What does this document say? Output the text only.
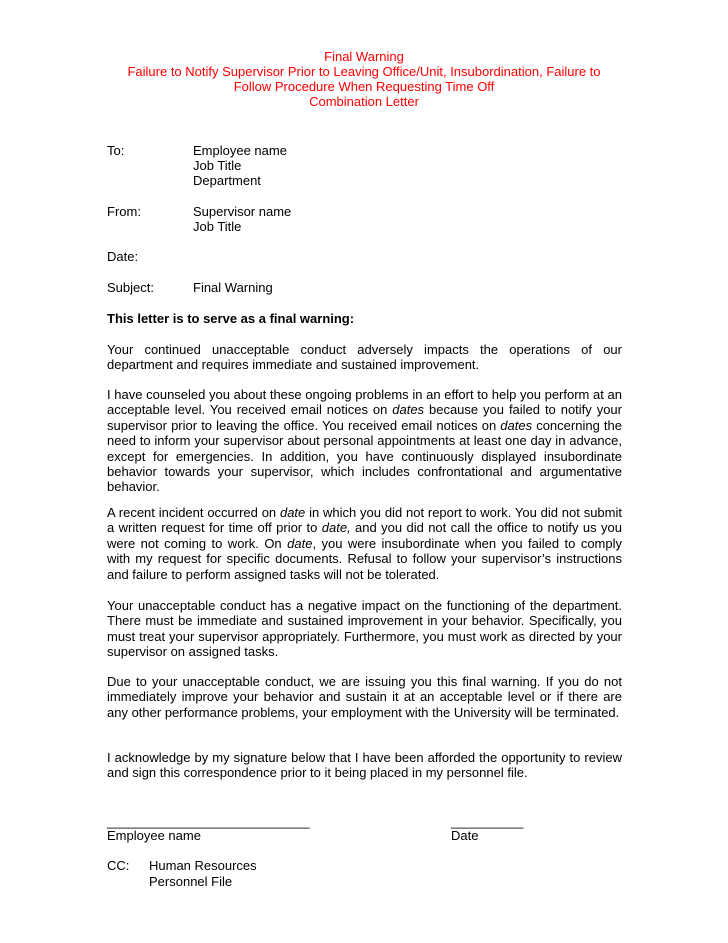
Final Warning
Failure to Notify Supervisor Prior to Leaving Office/Unit, Insubordination, Failure to
Follow Procedure When Requesting Time Off
Combination Letter
To:	Employee name
Job Title
Department
From:	Supervisor name
Job Title
Date:
Subject:	Final Warning
This letter is to serve as a final warning:
Your continued unacceptable conduct adversely impacts the operations of our department and requires immediate and sustained improvement.
I have counseled you about these ongoing problems in an effort to help you perform at an acceptable level. You received email notices on dates because you failed to notify your supervisor prior to leaving the office. You received email notices on dates concerning the need to inform your supervisor about personal appointments at least one day in advance, except for emergencies. In addition, you have continuously displayed insubordinate behavior towards your supervisor, which includes confrontational and argumentative behavior.
A recent incident occurred on date in which you did not report to work. You did not submit a written request for time off prior to date, and you did not call the office to notify us you were not coming to work. On date, you were insubordinate when you failed to comply with my request for specific documents. Refusal to follow your supervisor’s instructions and failure to perform assigned tasks will not be tolerated.
Your unacceptable conduct has a negative impact on the functioning of the department. There must be immediate and sustained improvement in your behavior. Specifically, you must treat your supervisor appropriately. Furthermore, you must work as directed by your supervisor on assigned tasks.
Due to your unacceptable conduct, we are issuing you this final warning. If you do not immediately improve your behavior and sustain it at an acceptable level or if there are any other performance problems, your employment with the University will be terminated.
I acknowledge by my signature below that I have been afforded the opportunity to review and sign this correspondence prior to it being placed in my personnel file.
____________________________
Employee name
__________
Date
CC: Human Resources
Personnel File
